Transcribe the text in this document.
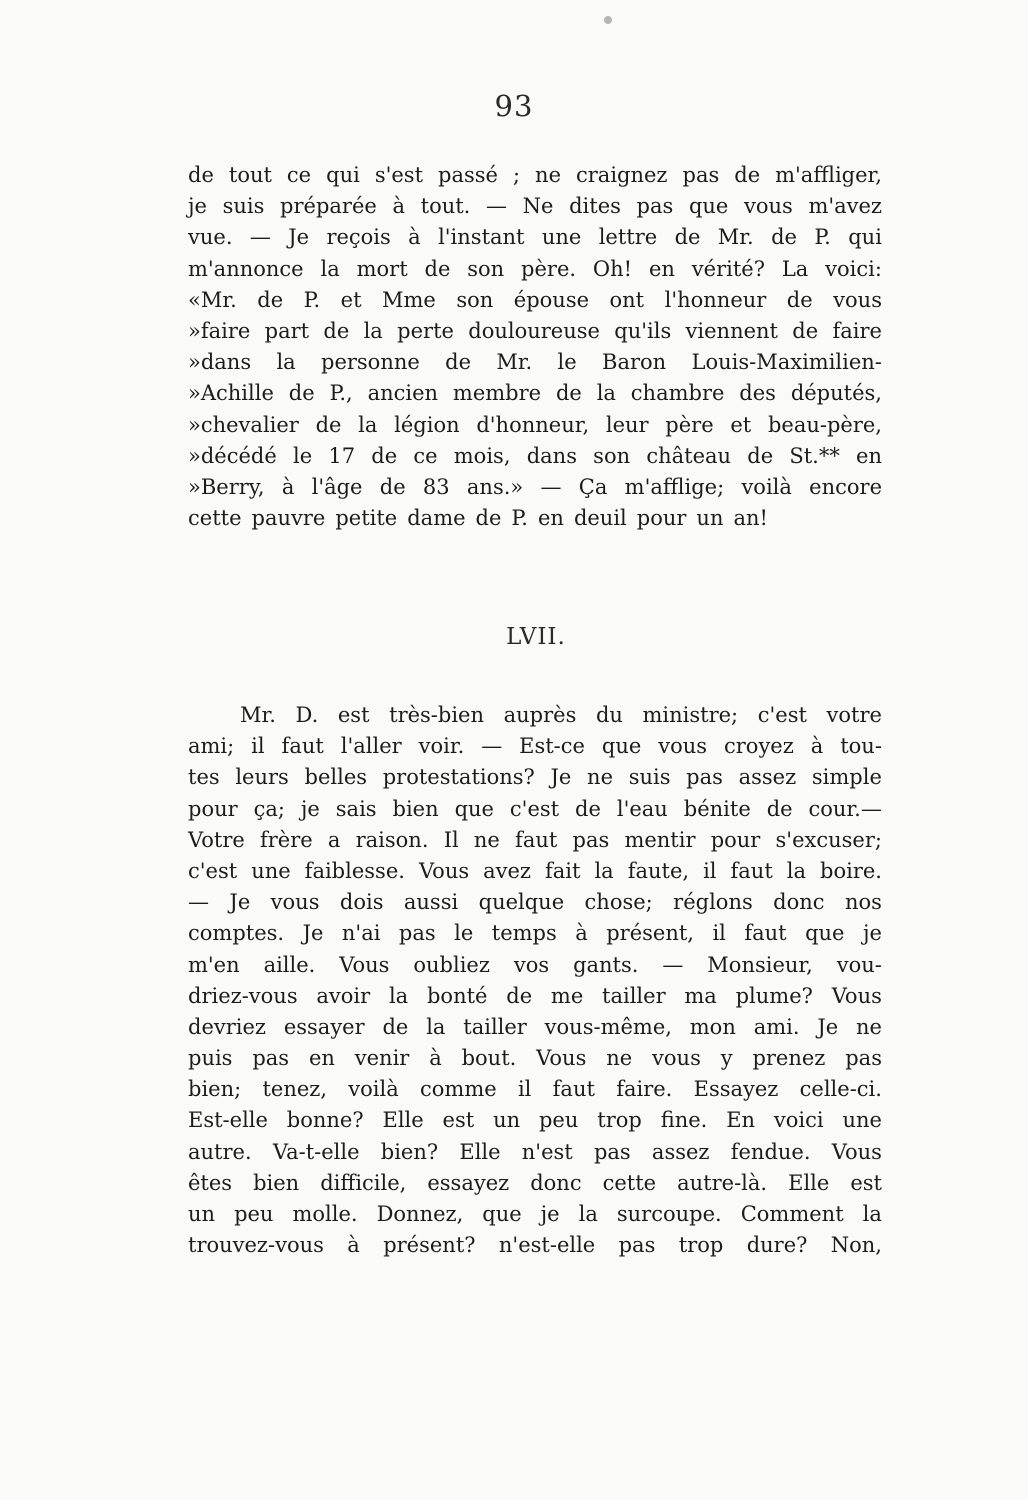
93
de tout ce qui s'est passé ; ne craignez pas de m'affliger,
je suis préparée à tout. — Ne dites pas que vous m'avez
vue. — Je reçois à l'instant une lettre de Mr. de P. qui
m'annonce la mort de son père. Oh! en vérité? La voici:
«Mr. de P. et Mme son épouse ont l'honneur de vous
»faire part de la perte douloureuse qu'ils viennent de faire
»dans la personne de Mr. le Baron Louis-Maximilien-
»Achille de P., ancien membre de la chambre des députés,
»chevalier de la légion d'honneur, leur père et beau-père,
»décédé le 17 de ce mois, dans son château de St.** en
»Berry, à l'âge de 83 ans.» — Ça m'afflige; voilà encore
cette pauvre petite dame de P. en deuil pour un an!
LVII.
Mr. D. est très-bien auprès du ministre; c'est votre
ami; il faut l'aller voir. — Est-ce que vous croyez à tou-
tes leurs belles protestations? Je ne suis pas assez simple
pour ça; je sais bien que c'est de l'eau bénite de cour.—
Votre frère a raison. Il ne faut pas mentir pour s'excuser;
c'est une faiblesse. Vous avez fait la faute, il faut la boire.
— Je vous dois aussi quelque chose; réglons donc nos
comptes. Je n'ai pas le temps à présent, il faut que je
m'en aille. Vous oubliez vos gants. — Monsieur, vou-
driez-vous avoir la bonté de me tailler ma plume? Vous
devriez essayer de la tailler vous-même, mon ami. Je ne
puis pas en venir à bout. Vous ne vous y prenez pas
bien; tenez, voilà comme il faut faire. Essayez celle-ci.
Est-elle bonne? Elle est un peu trop fine. En voici une
autre. Va-t-elle bien? Elle n'est pas assez fendue. Vous
êtes bien difficile, essayez donc cette autre-là. Elle est
un peu molle. Donnez, que je la surcoupe. Comment la
trouvez-vous à présent? n'est-elle pas trop dure? Non,
